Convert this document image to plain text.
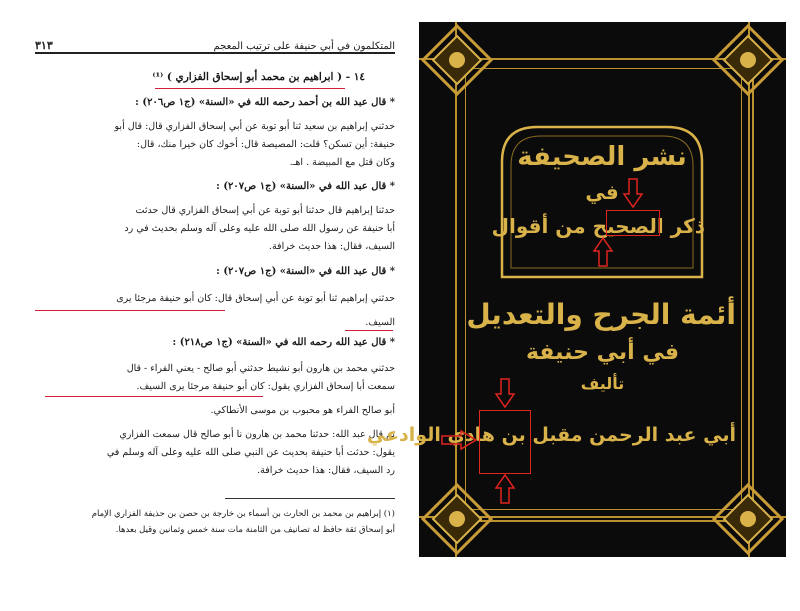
المتكلمون في أبي حنيفة على ترتيب المعجم
٣١٣
١٤ - ( ابراهيم بن محمد أبو إسحاق الفزاري ) ⁽¹⁾
* قال عبد الله بن أحمد رحمه الله في «السنة» (ج١ ص٢٠٦) :
حدثني إبراهيم بن سعيد ثنا أبو توبة عن أبي إسحاق الفزاري قال: قال أبو
حنيفة: أين تسكن؟ قلت: المصيصة قال: أخوك كان خيرا منك، قال:
وكان قتل مع المبيضة . اهـ.
* قال عبد الله في «السنة» (ج١ ص٢٠٧) :
حدثنا إبراهيم قال حدثنا أبو توبة عن أبي إسحاق الفزاري قال حدثت
أبا حنيفة عن رسول الله صلى الله عليه وعلى آله وسلم بحديث في رد
السيف، فقال: هذا حديث خرافة.
* قال عبد الله في «السنة» (ج١ ص٢٠٧) :
حدثني إبراهيم ثنا أبو توبة عن أبي إسحاق قال: كان أبو حنيفة مرجئا يرى
السيف.
* قال عبد الله رحمه الله في «السنة» (ج١ ص٢١٨) :
حدثني محمد بن هارون أبو نشيط حدثني أبو صالح - يعني الفراء - قال
سمعت أبا إسحاق الفزاري يقول: كان أبو حنيفة مرجئا يرى السيف.
أبو صالح الفراء هو محبوب بن موسى الأنطاكي.
ثم قال عبد الله: حدثنا محمد بن هارون نا أبو صالح قال سمعت الفزاري
يقول: حدثت أبا حنيفة بحديث عن النبي صلى الله عليه وعلى آله وسلم في
رد السيف، فقال: هذا حديث خرافة.
(١) إبراهيم بن محمد بن الحارث بن أسماء بن خارجة بن حصن بن حذيفة الفزاري الإمام
أبو إسحاق ثقة حافظ له تصانيف من الثامنة مات سنة خمس وثمانين وقيل بعدها.
نشر الصحيفة
في
ذكر الصحيح من أقوال
أئمة الجرح والتعديل
في أبي حنيفة
تأليف
أبي عبد الرحمن مقبل بن هادي الوادعي
